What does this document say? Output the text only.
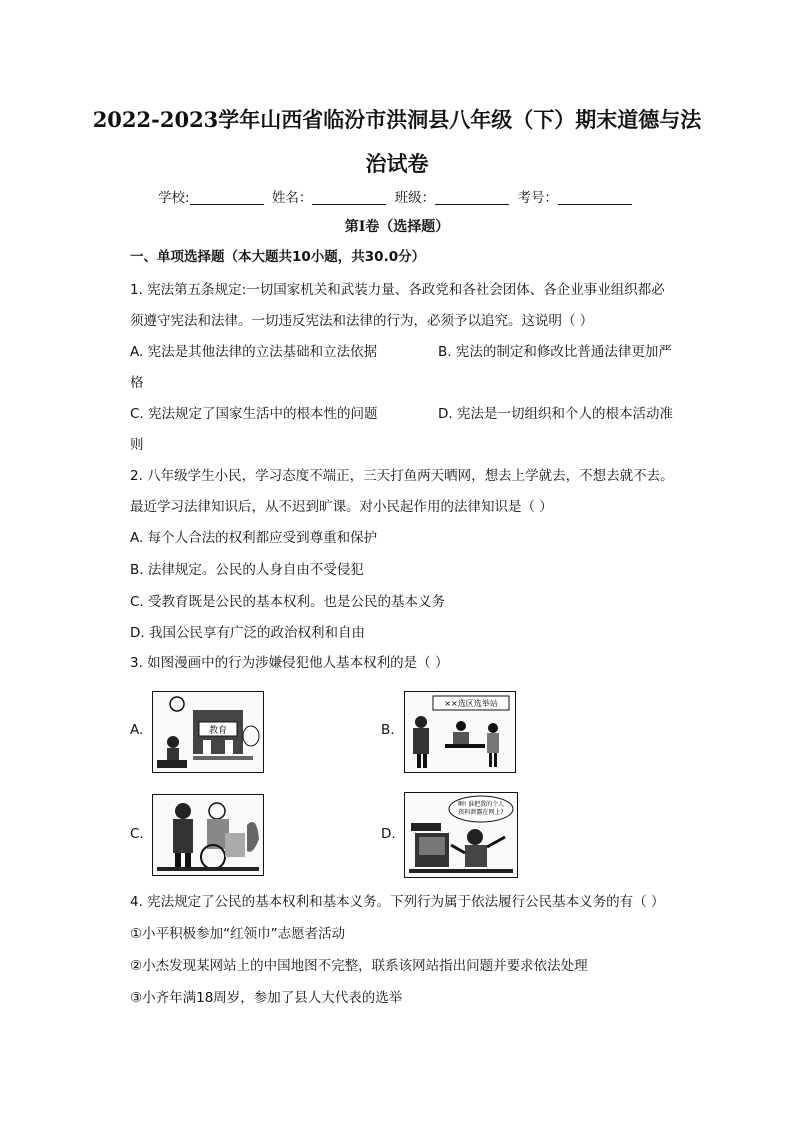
2022-2023学年山西省临汾市洪洞县八年级（下）期末道德与法
治试卷
学校:	姓名：	班级：	考号：
第Ⅰ卷（选择题）
一、单项选择题（本大题共10小题，共30.0分）
1. 宪法第五条规定:一切国家机关和武装力量、各政党和各社会团体、各企业事业组织都必
须遵守宪法和法律。一切违反宪法和法律的行为，必须予以追究。这说明（ ）
A. 宪法是其他法律的立法基础和立法依据	B. 宪法的制定和修改比普通法律更加严
格
C. 宪法规定了国家生活中的根本性的问题	D. 宪法是一切组织和个人的根本活动准
则
2. 八年级学生小民，学习态度不端正，三天打鱼两天晒网，想去上学就去，不想去就不去。
最近学习法律知识后，从不迟到旷课。对小民起作用的法律知识是（ ）
A. 每个人合法的权利都应受到尊重和保护
B. 法律规定。公民的人身自由不受侵犯
C. 受教育既是公民的基本权利。也是公民的基本义务
D. 我国公民享有广泛的政治权利和自由
3. 如图漫画中的行为涉嫌侵犯他人基本权利的是（ ）
A.	教育	B.
××选区选举站
C.	D.
啊! 谁把我的个人
资料泄露在网上?
4. 宪法规定了公民的基本权利和基本义务。下列行为属于依法履行公民基本义务的有（ ）
①小平积极参加“红领巾”志愿者活动
②小杰发现某网站上的中国地图不完整，联系该网站指出问题并要求依法处理
③小齐年满18周岁，参加了县人大代表的选举
